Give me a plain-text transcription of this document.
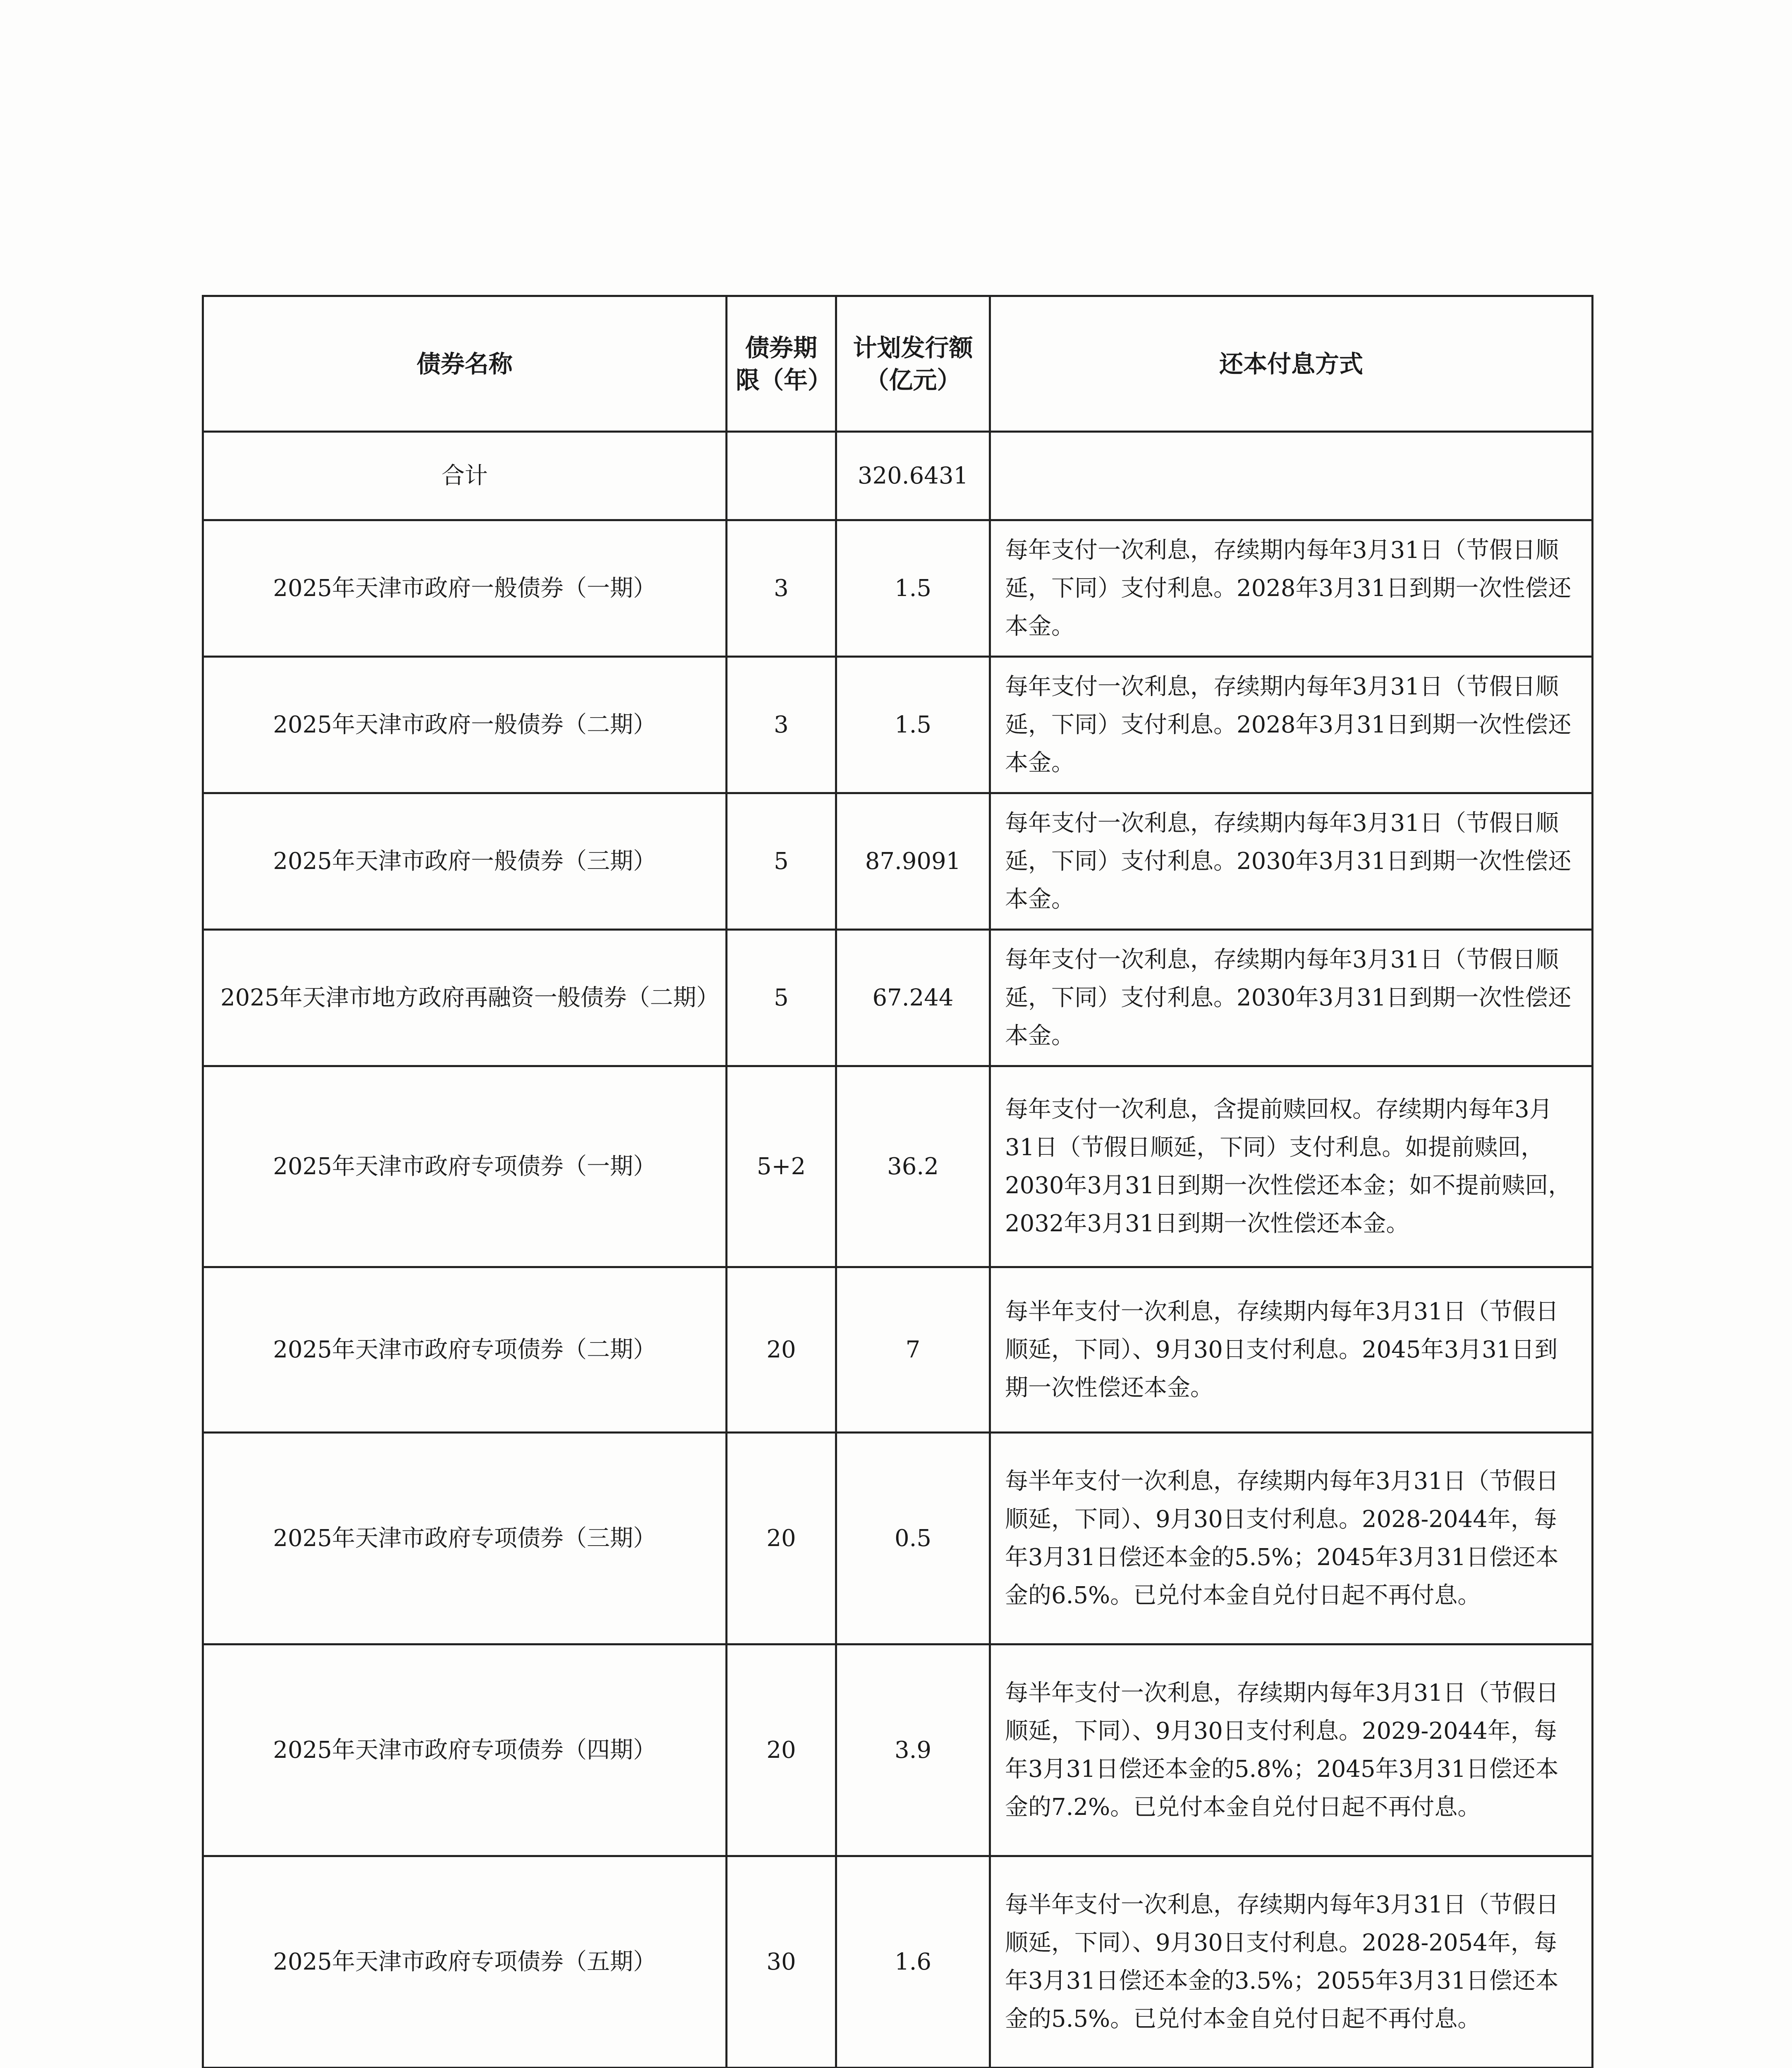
债券名称	债券期限（年）	计划发行额（亿元）	还本付息方式
合计		320.6431	
2025年天津市政府一般债券（一期）	3	1.5	每年支付一次利息，存续期内每年3月31日（节假日顺延，下同）支付利息。2028年3月31日到期一次性偿还本金。
2025年天津市政府一般债券（二期）	3	1.5	每年支付一次利息，存续期内每年3月31日（节假日顺延，下同）支付利息。2028年3月31日到期一次性偿还本金。
2025年天津市政府一般债券（三期）	5	87.9091	每年支付一次利息，存续期内每年3月31日（节假日顺延，下同）支付利息。2030年3月31日到期一次性偿还本金。
2025年天津市地方政府再融资一般债券（二期）	5	67.244	每年支付一次利息，存续期内每年3月31日（节假日顺延，下同）支付利息。2030年3月31日到期一次性偿还本金。
2025年天津市政府专项债券（一期）	5+2	36.2	每年支付一次利息，含提前赎回权。存续期内每年3月31日（节假日顺延，下同）支付利息。如提前赎回，2030年3月31日到期一次性偿还本金；如不提前赎回，2032年3月31日到期一次性偿还本金。
2025年天津市政府专项债券（二期）	20	7	每半年支付一次利息，存续期内每年3月31日（节假日顺延，下同）、9月30日支付利息。2045年3月31日到期一次性偿还本金。
2025年天津市政府专项债券（三期）	20	0.5	每半年支付一次利息，存续期内每年3月31日（节假日顺延，下同）、9月30日支付利息。2028-2044年，每年3月31日偿还本金的5.5%；2045年3月31日偿还本金的6.5%。已兑付本金自兑付日起不再付息。
2025年天津市政府专项债券（四期）	20	3.9	每半年支付一次利息，存续期内每年3月31日（节假日顺延，下同）、9月30日支付利息。2029-2044年，每年3月31日偿还本金的5.8%；2045年3月31日偿还本金的7.2%。已兑付本金自兑付日起不再付息。
2025年天津市政府专项债券（五期）	30	1.6	每半年支付一次利息，存续期内每年3月31日（节假日顺延，下同）、9月30日支付利息。2028-2054年，每年3月31日偿还本金的3.5%；2055年3月31日偿还本金的5.5%。已兑付本金自兑付日起不再付息。
